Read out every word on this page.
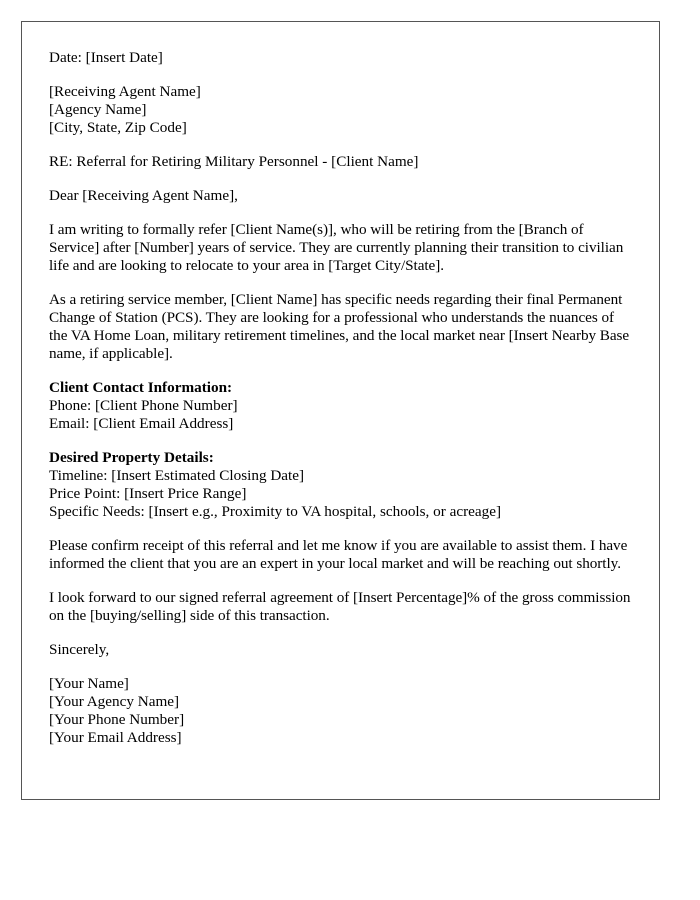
Date: [Insert Date]

[Receiving Agent Name]
[Agency Name]
[City, State, Zip Code]

RE: Referral for Retiring Military Personnel - [Client Name]

Dear [Receiving Agent Name],

I am writing to formally refer [Client Name(s)], who will be retiring from the [Branch of Service] after [Number] years of service. They are currently planning their transition to civilian life and are looking to relocate to your area in [Target City/State].

As a retiring service member, [Client Name] has specific needs regarding their final Permanent Change of Station (PCS). They are looking for a professional who understands the nuances of the VA Home Loan, military retirement timelines, and the local market near [Insert Nearby Base name, if applicable].

Client Contact Information:
Phone: [Client Phone Number]
Email: [Client Email Address]

Desired Property Details:
Timeline: [Insert Estimated Closing Date]
Price Point: [Insert Price Range]
Specific Needs: [Insert e.g., Proximity to VA hospital, schools, or acreage]

Please confirm receipt of this referral and let me know if you are available to assist them. I have informed the client that you are an expert in your local market and will be reaching out shortly.

I look forward to our signed referral agreement of [Insert Percentage]% of the gross commission on the [buying/selling] side of this transaction.

Sincerely,

[Your Name]
[Your Agency Name]
[Your Phone Number]
[Your Email Address]
